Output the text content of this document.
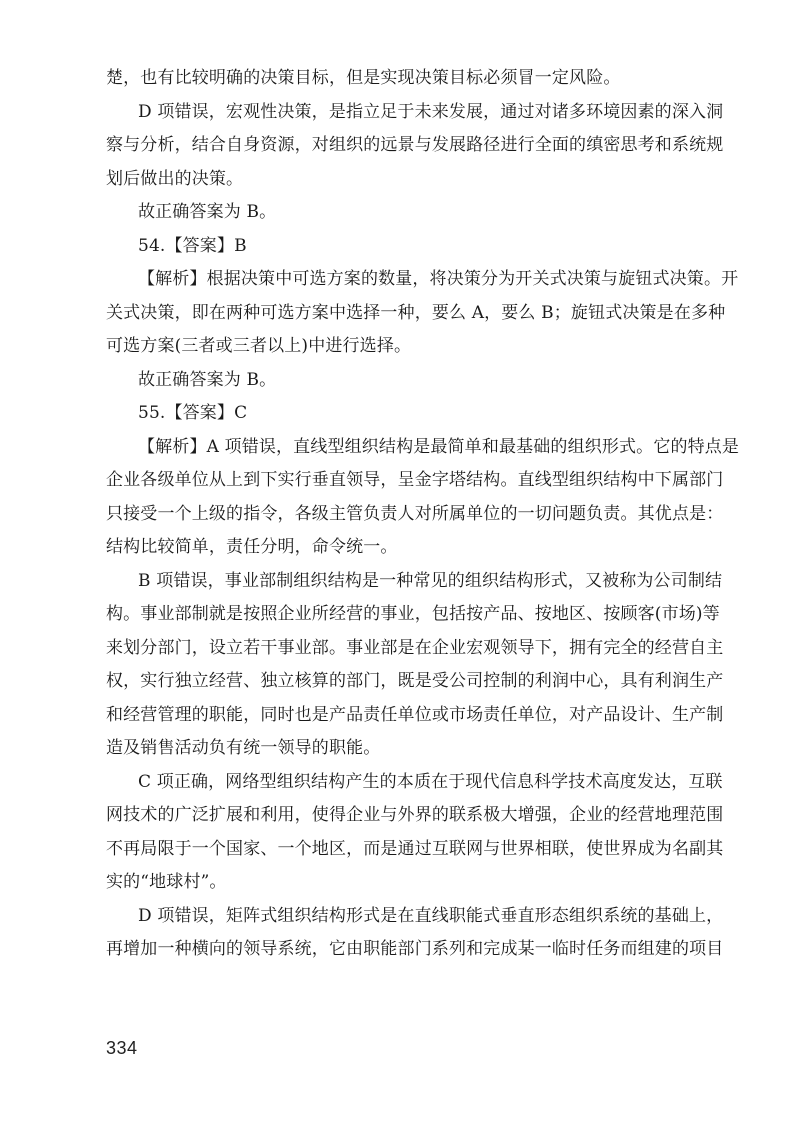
楚，也有比较明确的决策目标，但是实现决策目标必须冒一定风险。
D 项错误，宏观性决策，是指立足于未来发展，通过对诸多环境因素的深入洞
察与分析，结合自身资源，对组织的远景与发展路径进行全面的缜密思考和系统规
划后做出的决策。
故正确答案为 B。
54.【答案】B
【解析】根据决策中可选方案的数量，将决策分为开关式决策与旋钮式决策。开
关式决策，即在两种可选方案中选择一种，要么 A，要么 B；旋钮式决策是在多种
可选方案(三者或三者以上)中进行选择。
故正确答案为 B。
55.【答案】C
【解析】A 项错误，直线型组织结构是最简单和最基础的组织形式。它的特点是
企业各级单位从上到下实行垂直领导，呈金字塔结构。直线型组织结构中下属部门
只接受一个上级的指令，各级主管负责人对所属单位的一切问题负责。其优点是：
结构比较简单，责任分明，命令统一。
B 项错误，事业部制组织结构是一种常见的组织结构形式，又被称为公司制结
构。事业部制就是按照企业所经营的事业，包括按产品、按地区、按顾客(市场)等
来划分部门，设立若干事业部。事业部是在企业宏观领导下，拥有完全的经营自主
权，实行独立经营、独立核算的部门，既是受公司控制的利润中心，具有利润生产
和经营管理的职能，同时也是产品责任单位或市场责任单位，对产品设计、生产制
造及销售活动负有统一领导的职能。
C 项正确，网络型组织结构产生的本质在于现代信息科学技术高度发达，互联
网技术的广泛扩展和利用，使得企业与外界的联系极大增强，企业的经营地理范围
不再局限于一个国家、一个地区，而是通过互联网与世界相联，使世界成为名副其
实的“地球村”。
D 项错误，矩阵式组织结构形式是在直线职能式垂直形态组织系统的基础上，
再增加一种横向的领导系统，它由职能部门系列和完成某一临时任务而组建的项目
334
